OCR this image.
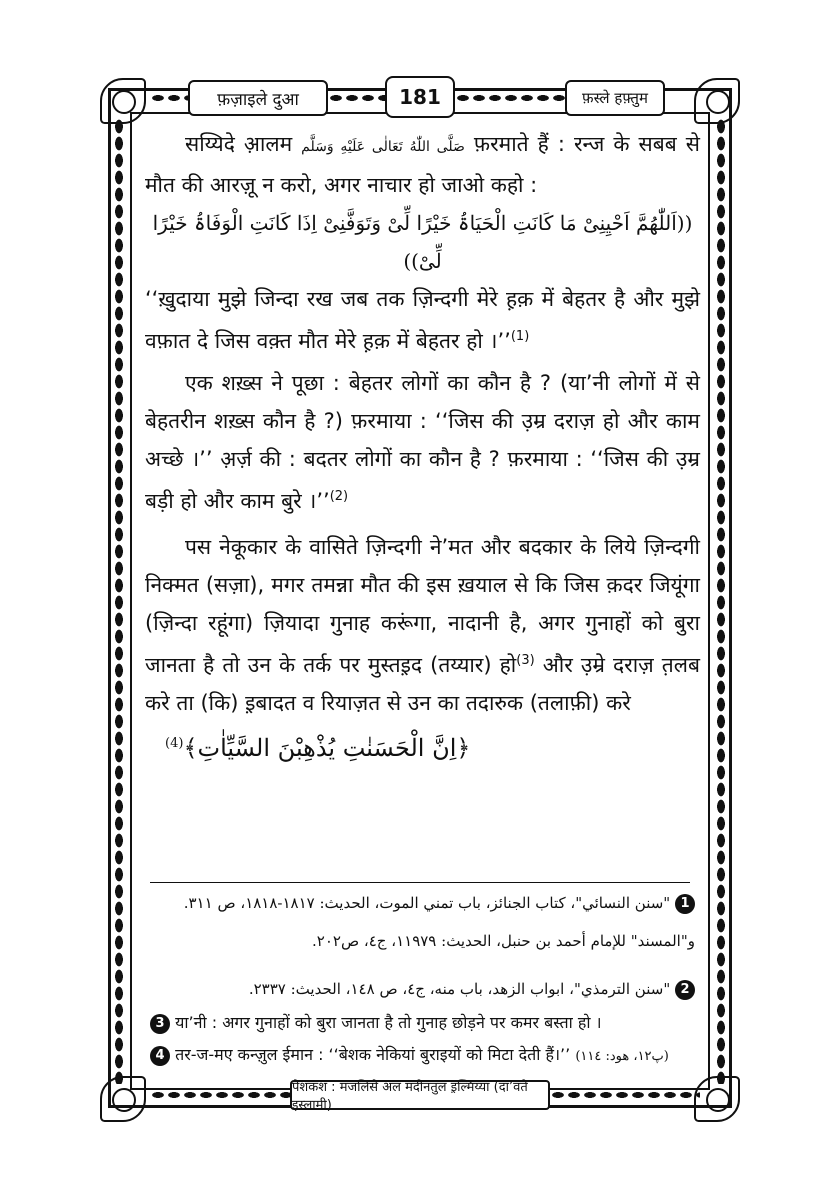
फ़ज़ाइले दुआ	181	फ़स्ले हफ़्तुम

सय्यिदे आ़लम صَلَّى اللّٰهُ تَعَالٰی عَلَيْهِ وَسَلَّم फ़रमाते हैं : रन्ज के सबब से मौत की आरज़ू न करो, अगर नाचार हो जाओ कहो :

((اَللّٰهُمَّ اَحْیِنِیْ مَا كَانَتِ الْحَیَاۃُ خَیْرًا لِّیْ وَتَوَفَّنِیْ اِذَا كَانَتِ الْوَفَاۃُ خَیْرًا لِّیْ))

‘‘ख़ुदाया मुझे जिन्दा रख जब तक ज़िन्दगी मेरे ह़क़ में बेहतर है और मुझे वफ़ात दे जिस वक़्त मौत मेरे ह़क़ में बेहतर हो ।’’$^{(1)}$

एक शख़्स ने पूछा : बेहतर लोगों का कौन है ? (या’नी लोगों में से बेहतरीन शख़्स कौन है ?) फ़रमाया : ‘‘जिस की उ़म्र दराज़ हो और काम अच्छे ।’’ अ़र्ज़ की : बदतर लोगों का कौन है ? फ़रमाया : ‘‘जिस की उ़म्र बड़ी हो और काम बुरे ।’’$^{(2)}$

पस नेकूकार के वासिते ज़िन्दगी ने’मत और बदकार के लिये ज़िन्दगी निक्मत (सज़ा), मगर तमन्ना मौत की इस ख़याल से कि जिस क़दर जियूंगा (ज़िन्दा रहूंगा) ज़ियादा गुनाह करूंगा, नादानी है, अगर गुनाहों को बुरा जानता है तो उन के तर्क पर मुस्तइ़द (तय्यार) हो$^{(3)}$ और उ़म्रे दराज़ त़लब करे ता (कि) इ़बादत व रियाज़त से उन का तदारुक (तलाफ़ी) करे

﴿اِنَّ الْحَسَنٰتِ یُذْهِبْنَ السَّیِّاٰتِ﴾$^{(4)}$

1 "سنن النسائي"، كتاب الجنائز، باب تمني الموت، الحديث: ١٨١٧-١٨١٨، ص ٣١١.

و"المسند" للإمام أحمد بن حنبل، الحديث: ١١٩٧٩، ج٤، ص٢٠٢.

2 "سنن الترمذي"، ابواب الزهد، باب منه، ج٤، ص ١٤٨، الحديث: ٢٣٣٧.

3 या’नी : अगर गुनाहों को बुरा जानता है तो गुनाह छोड़ने पर कमर बस्ता हो ।

4 तर-ज-मए कन्ज़ुल ईमान : ‘‘बेशक नेकियां बुराइयों को मिटा देती हैं।’’ (پ١٢، هود: ١١٤)

पेशकश : मजलिसे अल मदीनतुल इ़ल्मिय्या (दा’वते इस्लामी)
